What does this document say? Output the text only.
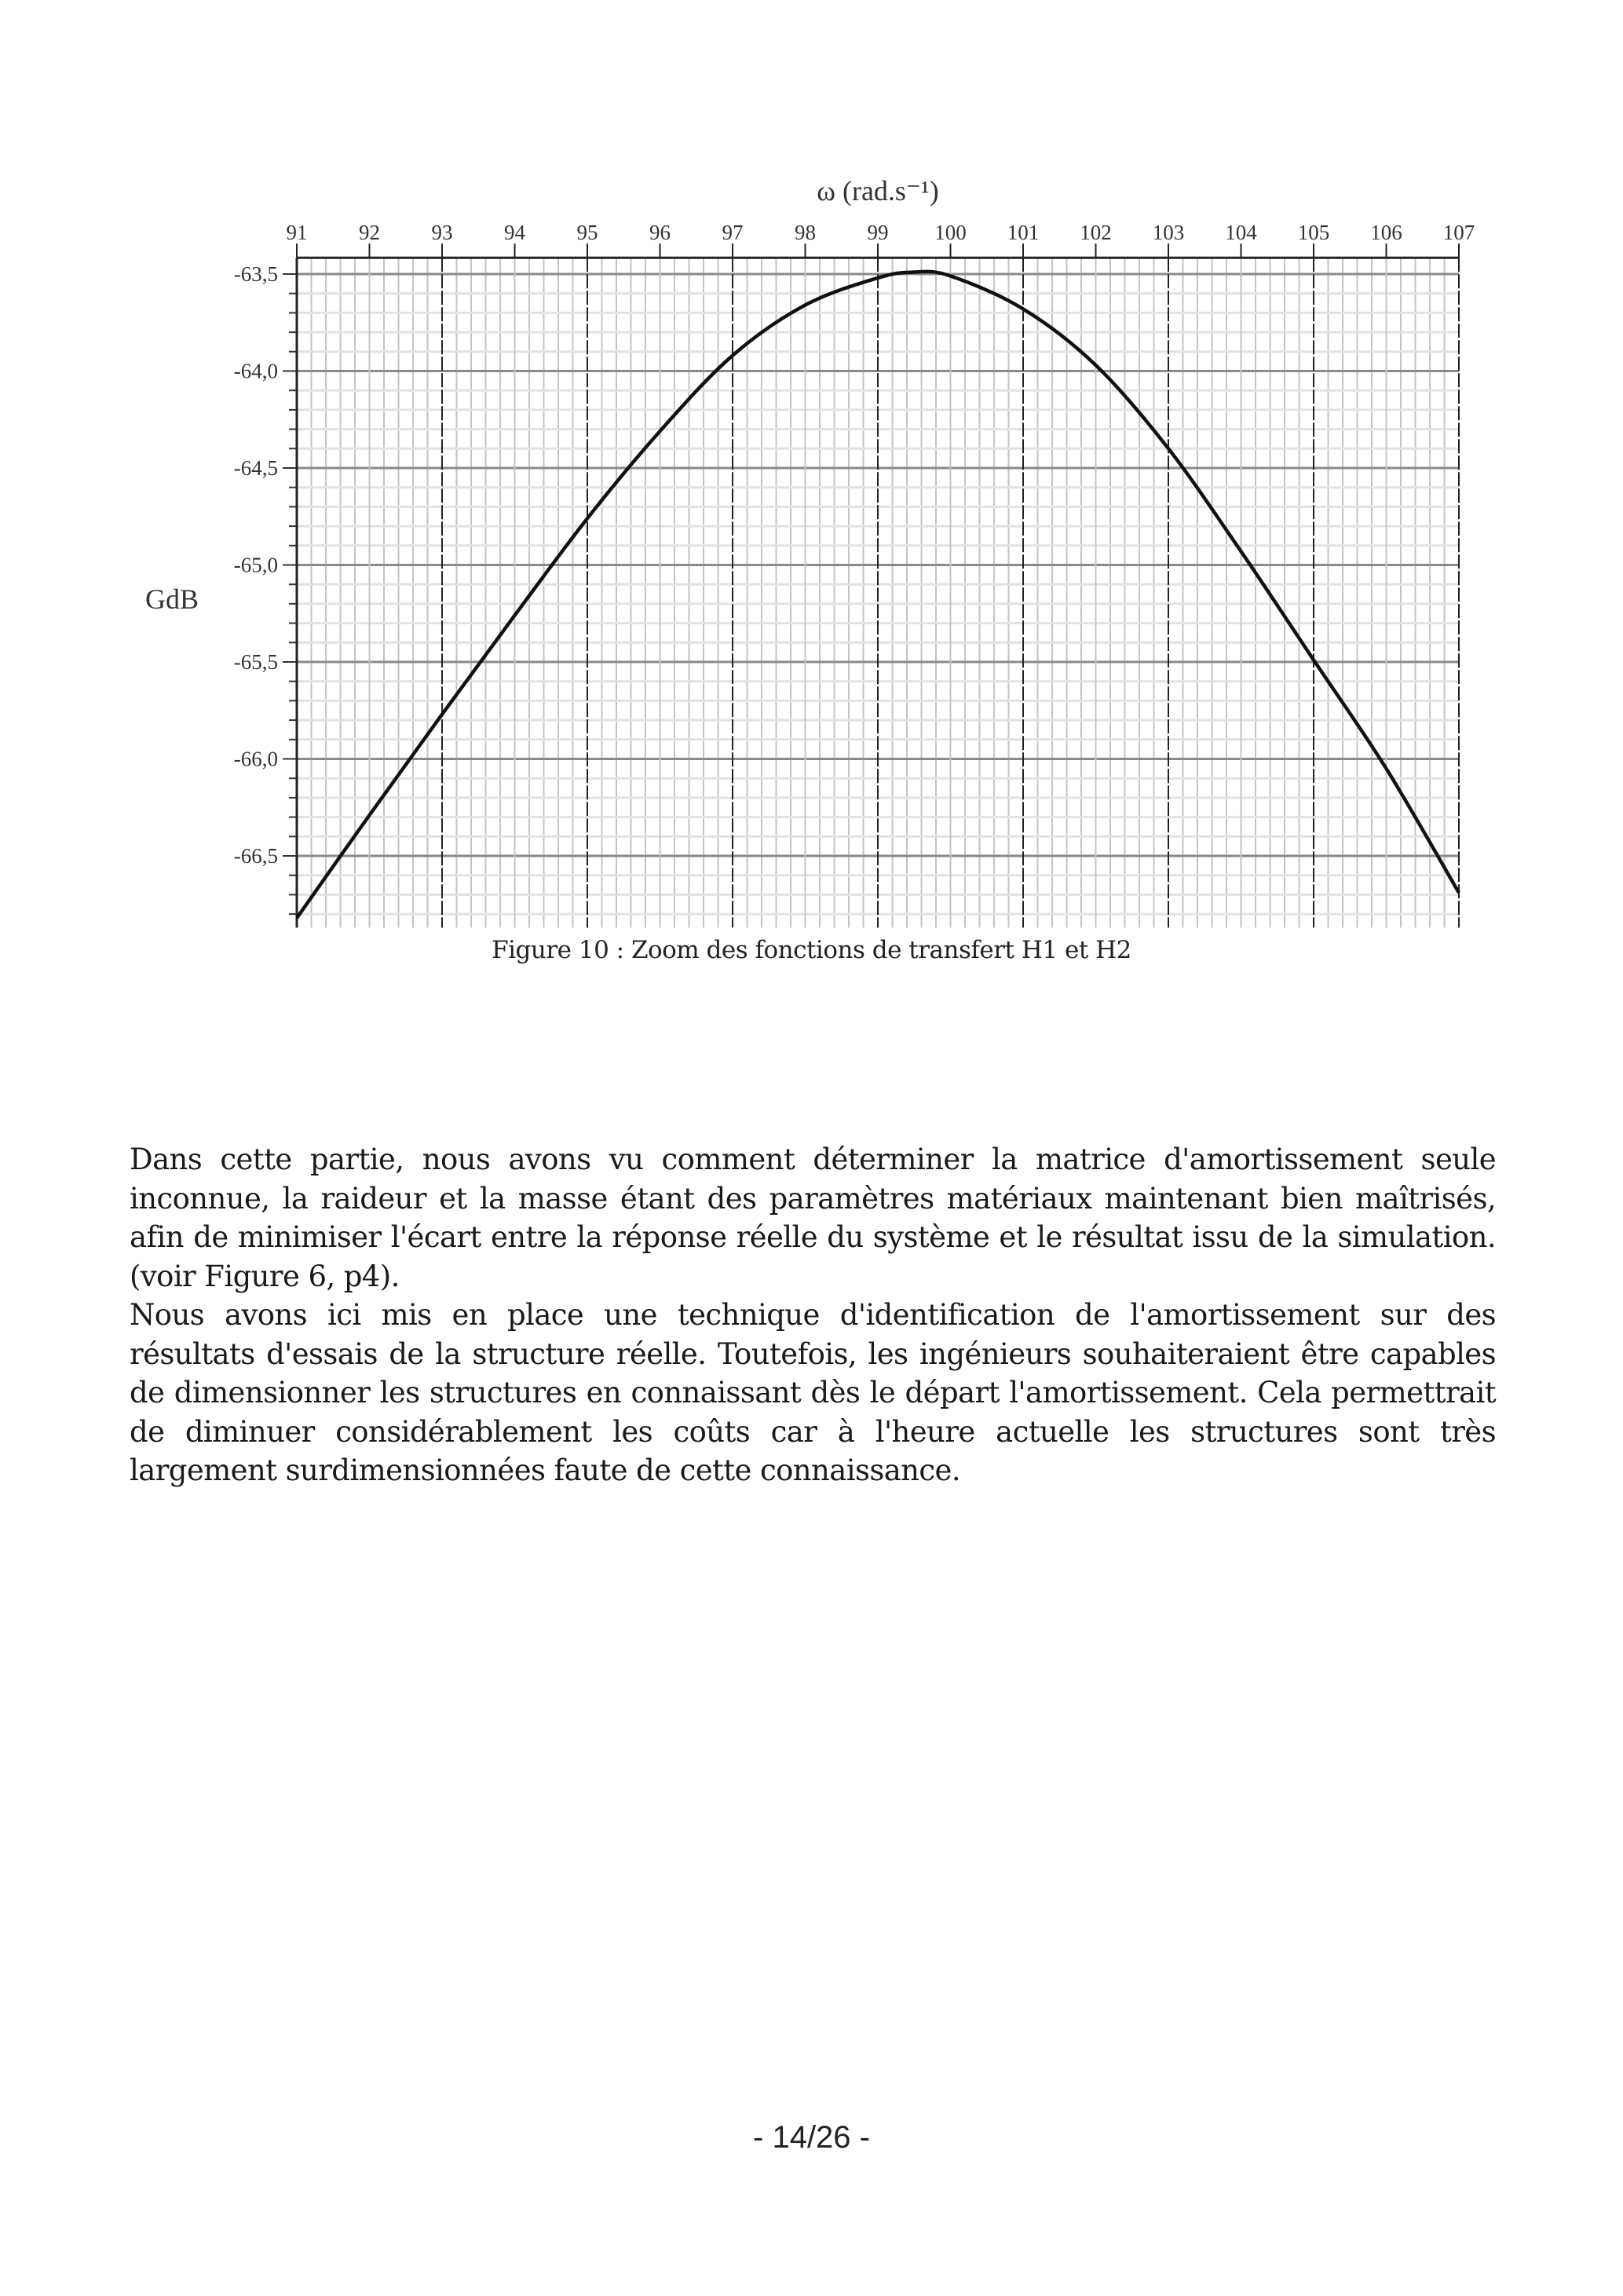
-63,5
-64,0
-64,5
-65,0
-65,5
-66,0
-66,5
91 92 93 94 95 96 97 98 99 100 101 102 103 104 105 106 107
ω (rad.s⁻¹)
GdB
Figure 10 : Zoom des fonctions de transfert H1 et H2
Dans cette partie, nous avons vu comment déterminer la matrice d'amortissement seule
inconnue, la raideur et la masse étant des paramètres matériaux maintenant bien maîtrisés,
afin de minimiser l'écart entre la réponse réelle du système et le résultat issu de la simulation.
(voir Figure 6, p4).
Nous avons ici mis en place une technique d'identification de l'amortissement sur des
résultats d'essais de la structure réelle. Toutefois, les ingénieurs souhaiteraient être capables
de dimensionner les structures en connaissant dès le départ l'amortissement. Cela permettrait
de diminuer considérablement les coûts car à l'heure actuelle les structures sont très
largement surdimensionnées faute de cette connaissance.
- 14/26 -
